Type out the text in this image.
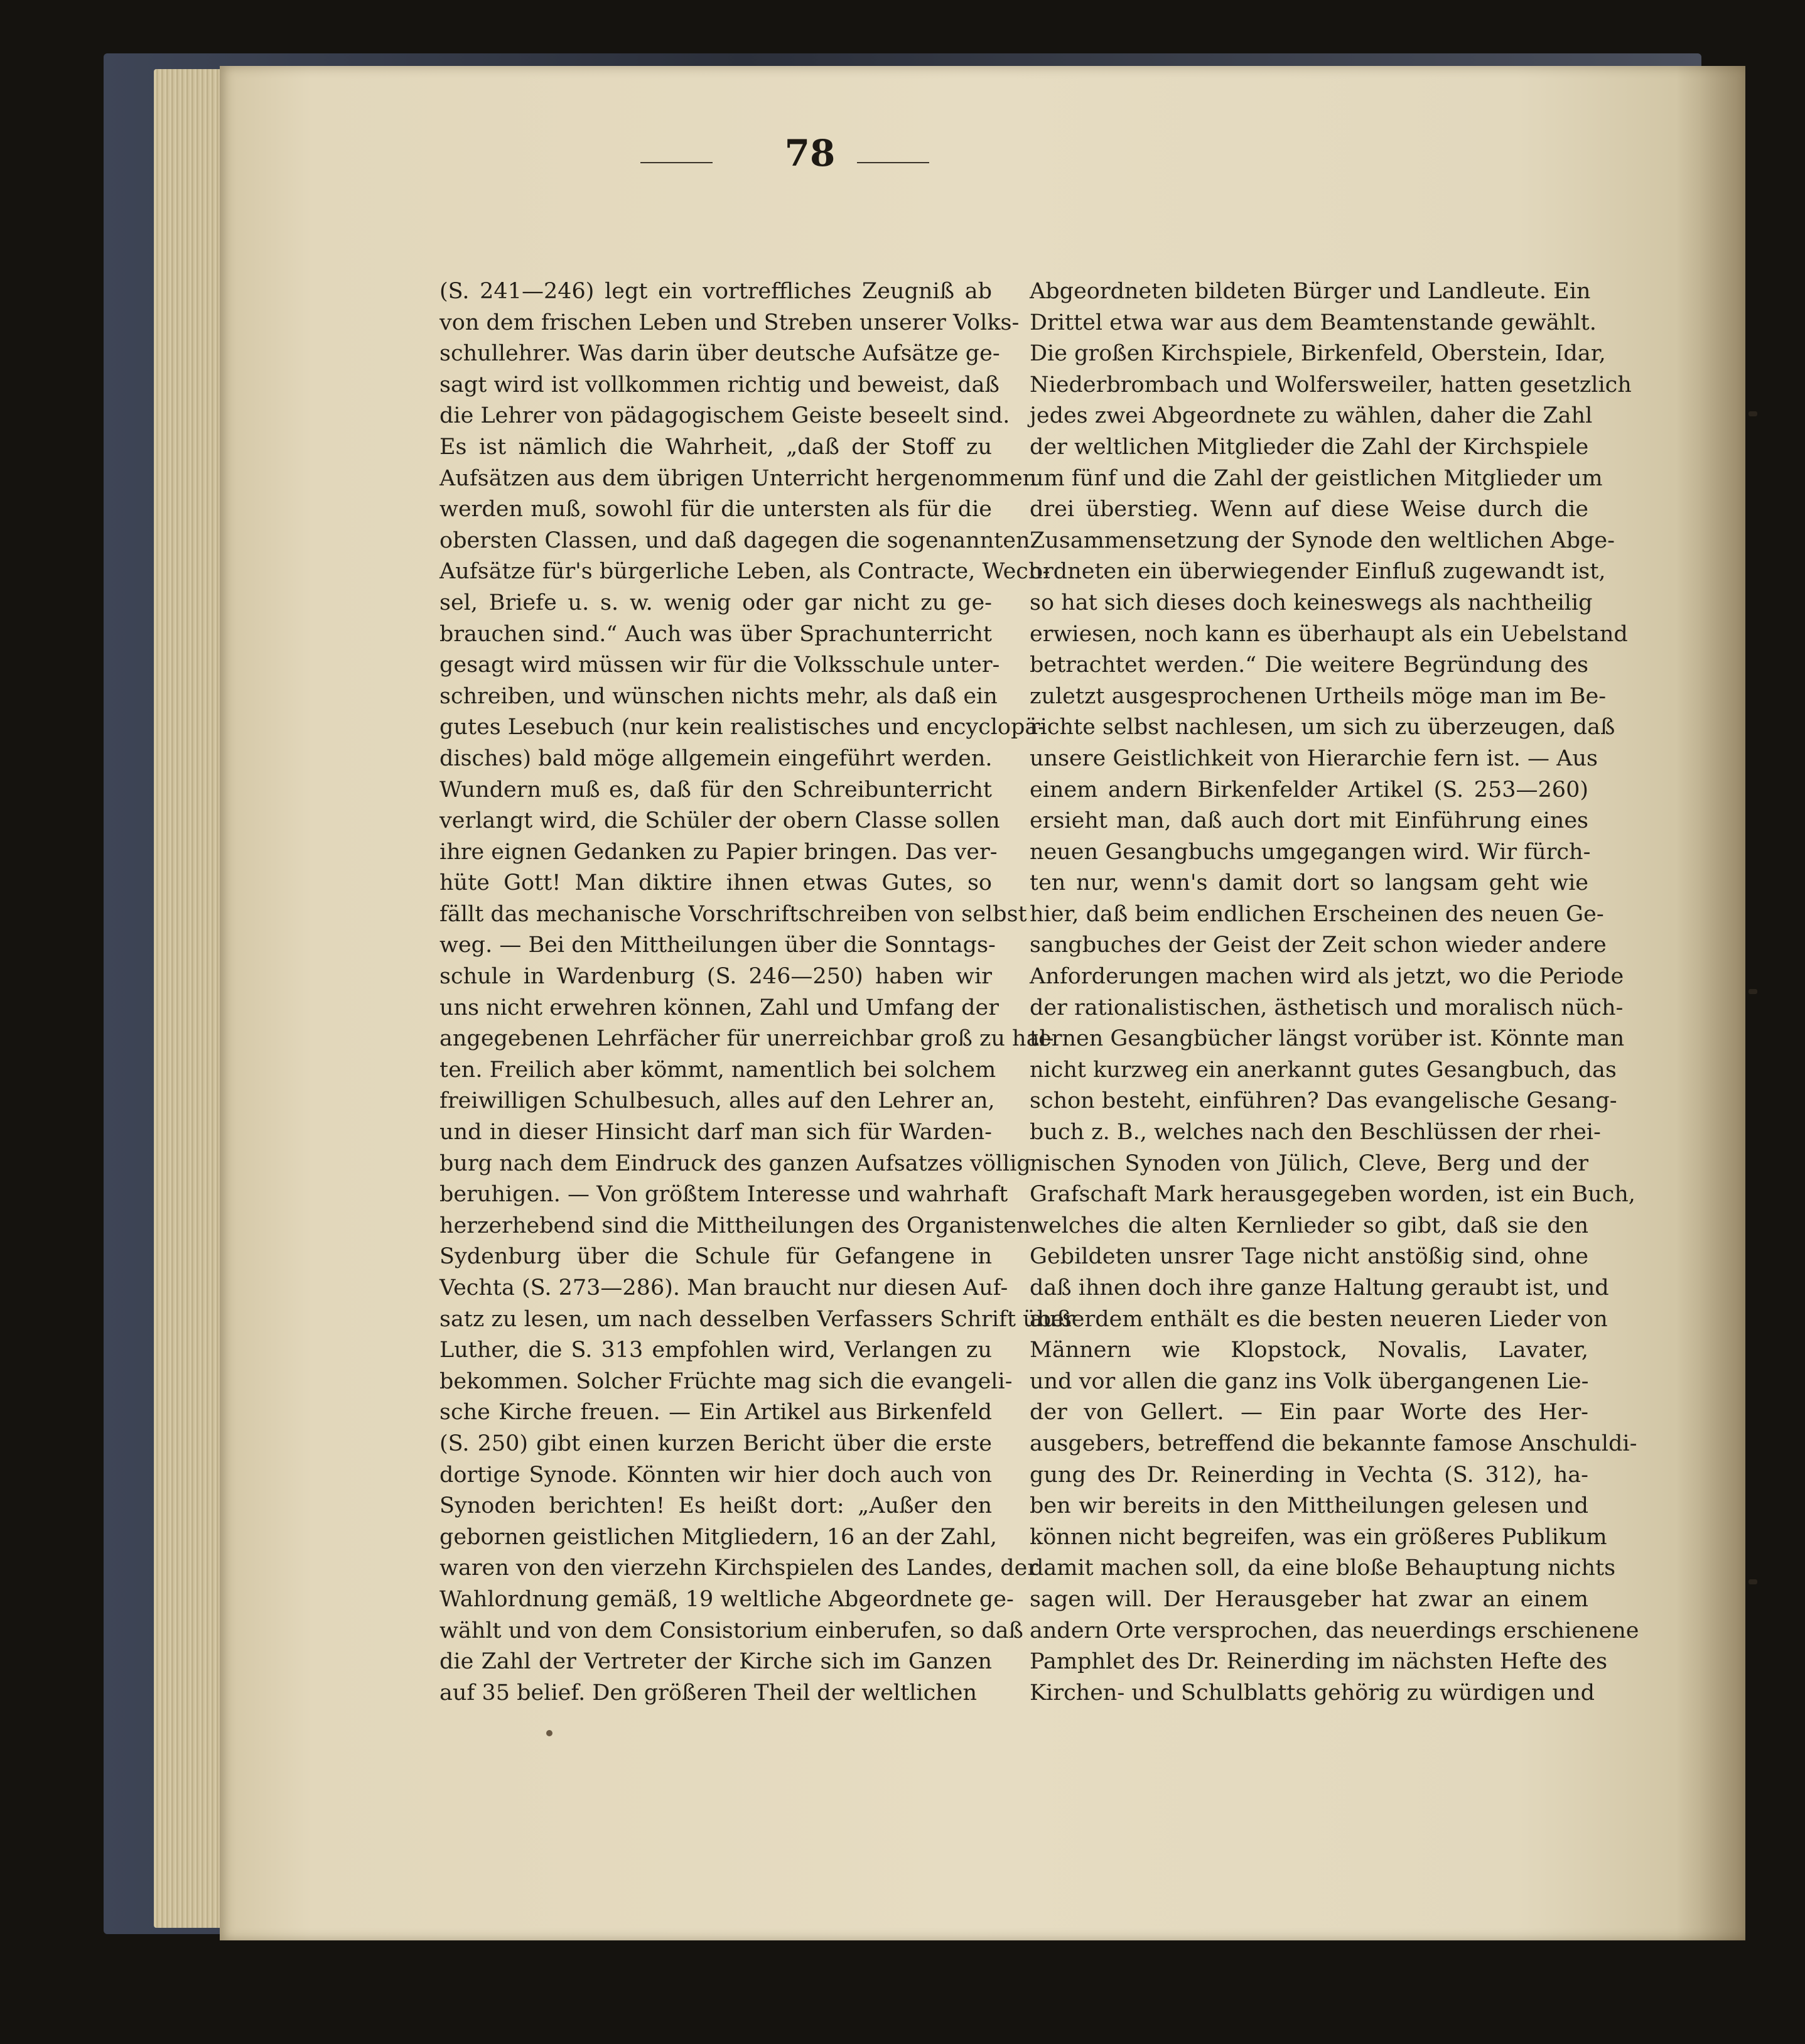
78
(S. 241—246) legt ein vortreffliches Zeugniß ab
von dem frischen Leben und Streben unserer Volks-
schullehrer. Was darin über deutsche Aufsätze ge-
sagt wird ist vollkommen richtig und beweist, daß
die Lehrer von pädagogischem Geiste beseelt sind.
Es ist nämlich die Wahrheit, „daß der Stoff zu
Aufsätzen aus dem übrigen Unterricht hergenommen
werden muß, sowohl für die untersten als für die
obersten Classen, und daß dagegen die sogenannten
Aufsätze für's bürgerliche Leben, als Contracte, Wech-
sel, Briefe u. s. w. wenig oder gar nicht zu ge-
brauchen sind.“ Auch was über Sprachunterricht
gesagt wird müssen wir für die Volksschule unter-
schreiben, und wünschen nichts mehr, als daß ein
gutes Lesebuch (nur kein realistisches und encyclopä-
disches) bald möge allgemein eingeführt werden.
Wundern muß es, daß für den Schreibunterricht
verlangt wird, die Schüler der obern Classe sollen
ihre eignen Gedanken zu Papier bringen. Das ver-
hüte Gott! Man diktire ihnen etwas Gutes, so
fällt das mechanische Vorschriftschreiben von selbst
weg. — Bei den Mittheilungen über die Sonntags-
schule in Wardenburg (S. 246—250) haben wir
uns nicht erwehren können, Zahl und Umfang der
angegebenen Lehrfächer für unerreichbar groß zu hal-
ten. Freilich aber kömmt, namentlich bei solchem
freiwilligen Schulbesuch, alles auf den Lehrer an,
und in dieser Hinsicht darf man sich für Warden-
burg nach dem Eindruck des ganzen Aufsatzes völlig
beruhigen. — Von größtem Interesse und wahrhaft
herzerhebend sind die Mittheilungen des Organisten
Sydenburg über die Schule für Gefangene in
Vechta (S. 273—286). Man braucht nur diesen Auf-
satz zu lesen, um nach desselben Verfassers Schrift über
Luther, die S. 313 empfohlen wird, Verlangen zu
bekommen. Solcher Früchte mag sich die evangeli-
sche Kirche freuen. — Ein Artikel aus Birkenfeld
(S. 250) gibt einen kurzen Bericht über die erste
dortige Synode. Könnten wir hier doch auch von
Synoden berichten! Es heißt dort: „Außer den
gebornen geistlichen Mitgliedern, 16 an der Zahl,
waren von den vierzehn Kirchspielen des Landes, der
Wahlordnung gemäß, 19 weltliche Abgeordnete ge-
wählt und von dem Consistorium einberufen, so daß
die Zahl der Vertreter der Kirche sich im Ganzen
auf 35 belief. Den größeren Theil der weltlichen
Abgeordneten bildeten Bürger und Landleute. Ein
Drittel etwa war aus dem Beamtenstande gewählt.
Die großen Kirchspiele, Birkenfeld, Oberstein, Idar,
Niederbrombach und Wolfersweiler, hatten gesetzlich
jedes zwei Abgeordnete zu wählen, daher die Zahl
der weltlichen Mitglieder die Zahl der Kirchspiele
um fünf und die Zahl der geistlichen Mitglieder um
drei überstieg. Wenn auf diese Weise durch die
Zusammensetzung der Synode den weltlichen Abge-
ordneten ein überwiegender Einfluß zugewandt ist,
so hat sich dieses doch keineswegs als nachtheilig
erwiesen, noch kann es überhaupt als ein Uebelstand
betrachtet werden.“ Die weitere Begründung des
zuletzt ausgesprochenen Urtheils möge man im Be-
richte selbst nachlesen, um sich zu überzeugen, daß
unsere Geistlichkeit von Hierarchie fern ist. — Aus
einem andern Birkenfelder Artikel (S. 253—260)
ersieht man, daß auch dort mit Einführung eines
neuen Gesangbuchs umgegangen wird. Wir fürch-
ten nur, wenn's damit dort so langsam geht wie
hier, daß beim endlichen Erscheinen des neuen Ge-
sangbuches der Geist der Zeit schon wieder andere
Anforderungen machen wird als jetzt, wo die Periode
der rationalistischen, ästhetisch und moralisch nüch-
ternen Gesangbücher längst vorüber ist. Könnte man
nicht kurzweg ein anerkannt gutes Gesangbuch, das
schon besteht, einführen? Das evangelische Gesang-
buch z. B., welches nach den Beschlüssen der rhei-
nischen Synoden von Jülich, Cleve, Berg und der
Grafschaft Mark herausgegeben worden, ist ein Buch,
welches die alten Kernlieder so gibt, daß sie den
Gebildeten unsrer Tage nicht anstößig sind, ohne
daß ihnen doch ihre ganze Haltung geraubt ist, und
außerdem enthält es die besten neueren Lieder von
Männern wie Klopstock, Novalis, Lavater,
und vor allen die ganz ins Volk übergangenen Lie-
der von Gellert. — Ein paar Worte des Her-
ausgebers, betreffend die bekannte famose Anschuldi-
gung des Dr. Reinerding in Vechta (S. 312), ha-
ben wir bereits in den Mittheilungen gelesen und
können nicht begreifen, was ein größeres Publikum
damit machen soll, da eine bloße Behauptung nichts
sagen will. Der Herausgeber hat zwar an einem
andern Orte versprochen, das neuerdings erschienene
Pamphlet des Dr. Reinerding im nächsten Hefte des
Kirchen- und Schulblatts gehörig zu würdigen und
